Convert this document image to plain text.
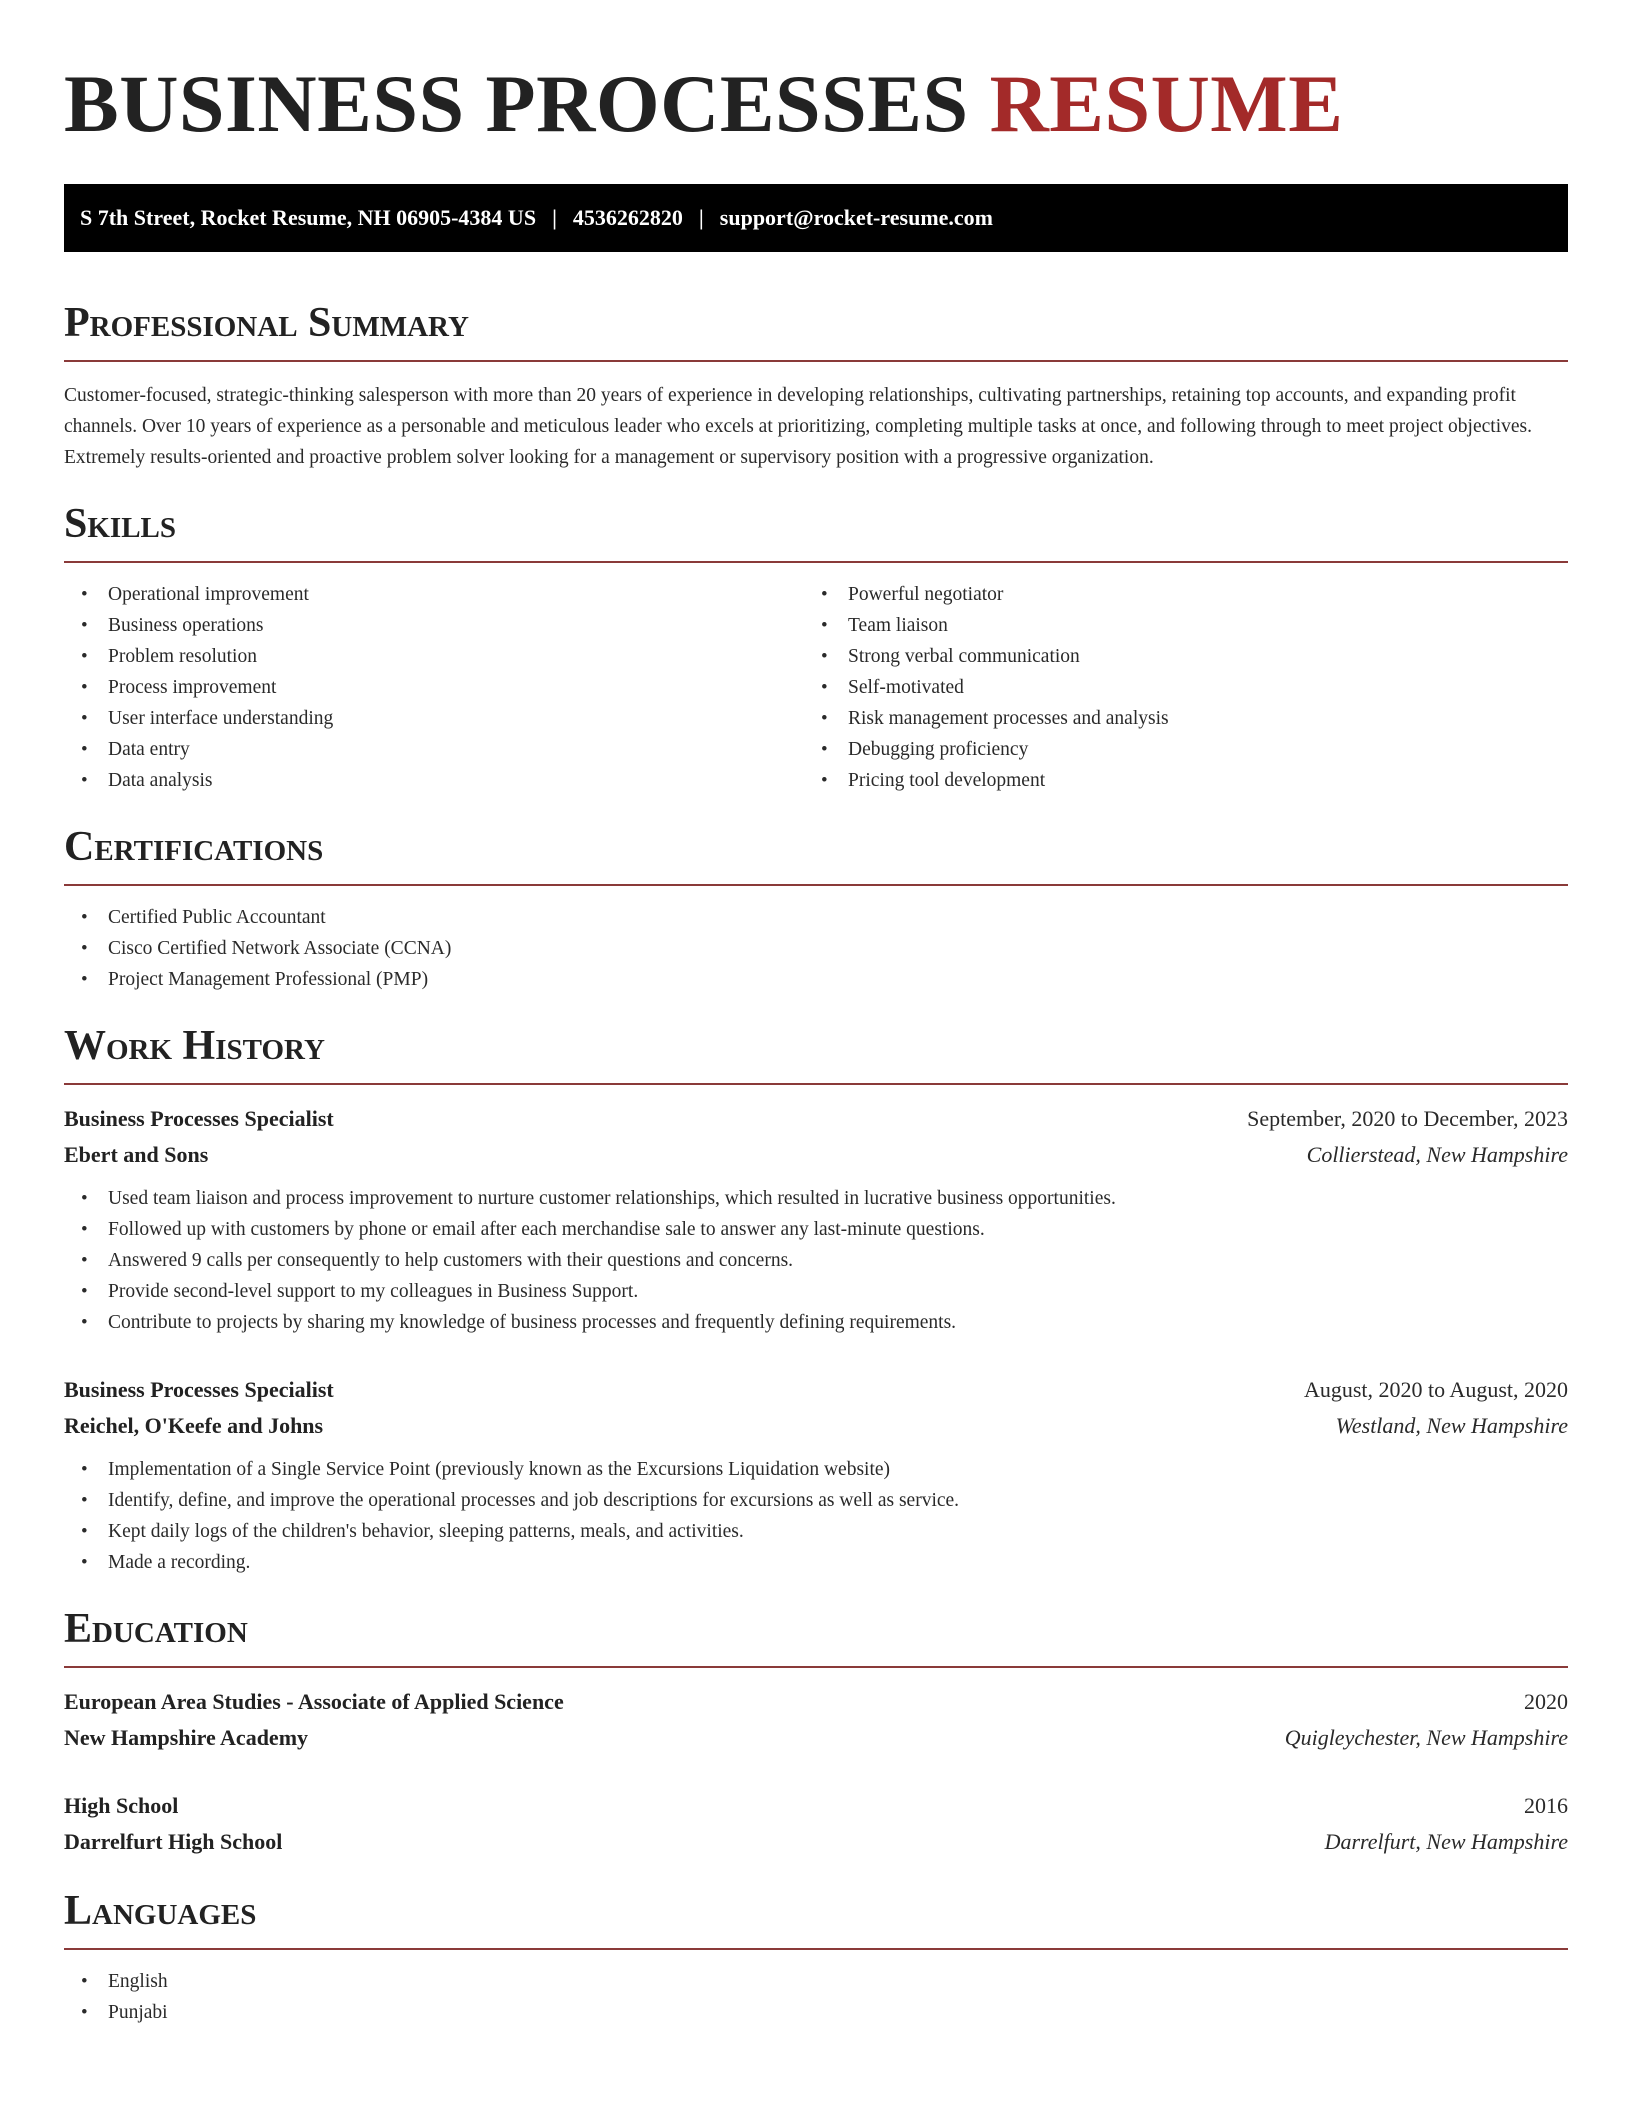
BUSINESS PROCESSES RESUME
S 7th Street, Rocket Resume, NH 06905-4384 US | 4536262820 | support@rocket-resume.com
Professional Summary

Customer-focused, strategic-thinking salesperson with more than 20 years of experience in developing relationships, cultivating partnerships, retaining top accounts, and expanding profit channels. Over 10 years of experience as a personable and meticulous leader who excels at prioritizing, completing multiple tasks at once, and following through to meet project objectives. Extremely results-oriented and proactive problem solver looking for a management or supervisory position with a progressive organization.

Skills
• Operational improvement
• Business operations
• Problem resolution
• Process improvement
• User interface understanding
• Data entry
• Data analysis
• Powerful negotiator
• Team liaison
• Strong verbal communication
• Self-motivated
• Risk management processes and analysis
• Debugging proficiency
• Pricing tool development
Certifications
• Certified Public Accountant
• Cisco Certified Network Associate (CCNA)
• Project Management Professional (PMP)
Work History
Business Processes Specialist	September, 2020 to December, 2023
Ebert and Sons	Collierstead, New Hampshire
• Used team liaison and process improvement to nurture customer relationships, which resulted in lucrative business opportunities.
• Followed up with customers by phone or email after each merchandise sale to answer any last-minute questions.
• Answered 9 calls per consequently to help customers with their questions and concerns.
• Provide second-level support to my colleagues in Business Support.
• Contribute to projects by sharing my knowledge of business processes and frequently defining requirements.
Business Processes Specialist	August, 2020 to August, 2020
Reichel, O'Keefe and Johns	Westland, New Hampshire
• Implementation of a Single Service Point (previously known as the Excursions Liquidation website)
• Identify, define, and improve the operational processes and job descriptions for excursions as well as service.
• Kept daily logs of the children's behavior, sleeping patterns, meals, and activities.
• Made a recording.
Education
European Area Studies - Associate of Applied Science	2020
New Hampshire Academy	Quigleychester, New Hampshire
High School	2016
Darrelfurt High School	Darrelfurt, New Hampshire
Languages
• English
• Punjabi
